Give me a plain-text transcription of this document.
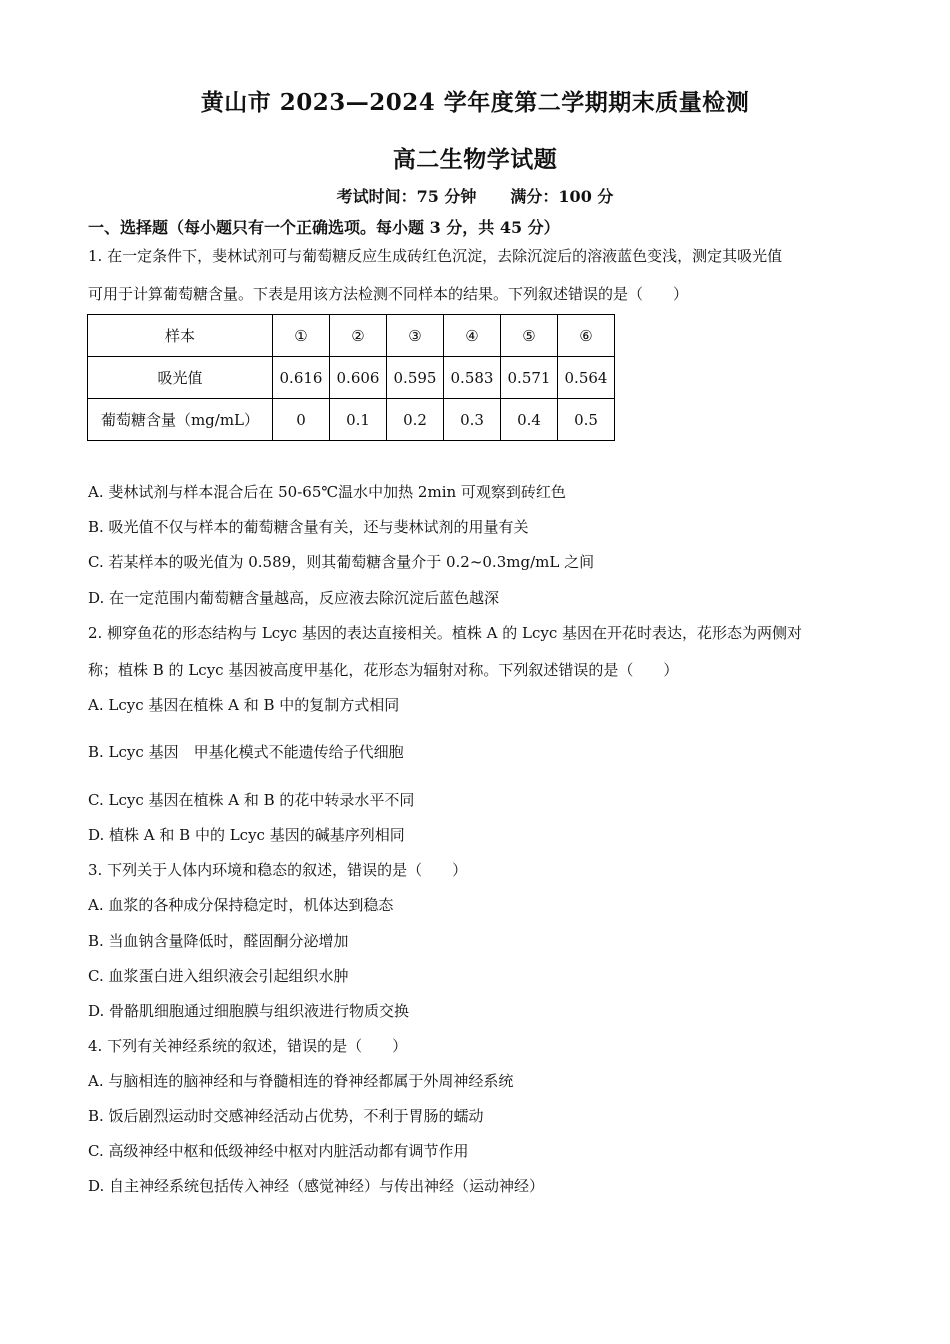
黄山市 2023—2024 学年度第二学期期末质量检测
高二生物学试题
考试时间：75 分钟 满分：100 分
一、选择题（每小题只有一个正确选项。每小题 3 分，共 45 分）
1. 在一定条件下，斐林试剂可与葡萄糖反应生成砖红色沉淀，去除沉淀后的溶液蓝色变浅，测定其吸光值
可用于计算葡萄糖含量。下表是用该方法检测不同样本的结果。下列叙述错误的是（　　）
样本	①	②	③	④	⑤	⑥
吸光值	0.616	0.606	0.595	0.583	0.571	0.564
葡萄糖含量（mg/mL）	0	0.1	0.2	0.3	0.4	0.5
A. 斐林试剂与样本混合后在 50-65℃温水中加热 2min 可观察到砖红色
B. 吸光值不仅与样本的葡萄糖含量有关，还与斐林试剂的用量有关
C. 若某样本的吸光值为 0.589，则其葡萄糖含量介于 0.2~0.3mg/mL 之间
D. 在一定范围内葡萄糖含量越高，反应液去除沉淀后蓝色越深
2. 柳穿鱼花的形态结构与 Lcyc 基因的表达直接相关。植株 A 的 Lcyc 基因在开花时表达，花形态为两侧对
称；植株 B 的 Lcyc 基因被高度甲基化，花形态为辐射对称。下列叙述错误的是（　　）
A. Lcyc 基因在植株 A 和 B 中的复制方式相同
B. Lcyc 基因　甲基化模式不能遗传给子代细胞
C. Lcyc 基因在植株 A 和 B 的花中转录水平不同
D. 植株 A 和 B 中的 Lcyc 基因的碱基序列相同
3. 下列关于人体内环境和稳态的叙述，错误的是（　　）
A. 血浆的各种成分保持稳定时，机体达到稳态
B. 当血钠含量降低时，醛固酮分泌增加
C. 血浆蛋白进入组织液会引起组织水肿
D. 骨骼肌细胞通过细胞膜与组织液进行物质交换
4. 下列有关神经系统的叙述，错误的是（　　）
A. 与脑相连的脑神经和与脊髓相连的脊神经都属于外周神经系统
B. 饭后剧烈运动时交感神经活动占优势，不利于胃肠的蠕动
C. 高级神经中枢和低级神经中枢对内脏活动都有调节作用
D. 自主神经系统包括传入神经（感觉神经）与传出神经（运动神经）
